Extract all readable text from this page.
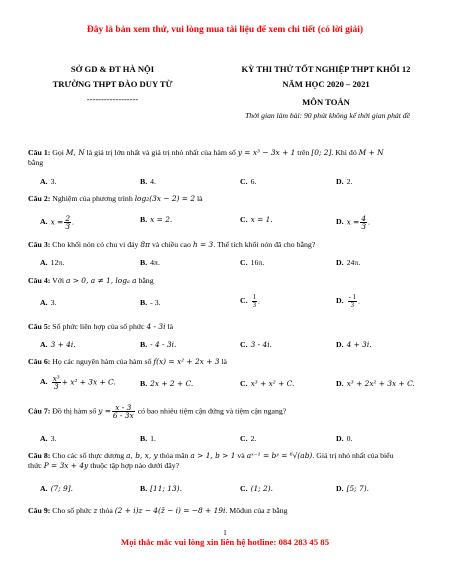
Đây là bản xem thử, vui lòng mua tài liệu để xem chi tiết (có lời giải)
SỞ GD & ĐT HÀ NỘI
TRƯỜNG THPT ĐÀO DUY TỪ
------------------
KỲ THI THỬ TỐT NGHIỆP THPT KHỐI 12
NĂM HỌC 2020 – 2021
MÔN TOÁN
Thời gian làm bài: 90 phút không kể thời gian phát đề
Câu 1: Gọi M, N là giá trị lớn nhất và giá trị nhỏ nhất của hàm số y = x³ − 3x + 1 trên [0; 2]. Khi đó M + N
bằng
A. 3.	B. 4.	C. 6.	D. 2.
Câu 2: Nghiệm của phương trình log₂(3x − 2) = 2 là
A. $x = \frac{2}{3}$ .	B. x = 2.	C. x = 1.	D. $x = \frac{4}{3}$ .
Câu 3: Cho khối nón có chu vi đáy 8π và chiều cao h = 3. Thể tích khối nón đã cho bằng?
A. 12π.	B. 4π.	C. 16π.	D. 24π.
Câu 4: Với a > 0, a ≠ 1, logₐ a bằng
A. 3.	B. - 3.	C. $\frac{1}{3}$ .	D. $\frac{- 1}{3}$ .
Câu 5: Số phức liên hợp của số phức 4 - 3i là
A. 3 + 4i.	B. - 4 - 3i.	C. 3 - 4i.	D. 4 + 3i.
Câu 6: Họ các nguyên hàm của hàm số f(x) = x² + 2x + 3 là
A. $\frac{\text{x³}}{3} + x^2 + 3x + C$.	B. 2x + 2 + C.	C. x³ + x² + C.	D. x³ + 2x² + 3x + C.
Câu 7: Đồ thị hàm số $y = \frac{x - 3}{6 - 3x}$ có bao nhiêu tiệm cận đứng và tiệm cận ngang?
A. 3.	B. 1.	C. 2.	D. 0.
Câu 8: Cho các số thực dương a, b, x, y thỏa mãn a > 1, b > 1 và aˣ⁻¹ = bʸ = ⁶√(ab). Giá trị nhỏ nhất của biểu
thức P = 3x + 4y thuộc tập hợp nào dưới đây?
A. (7; 9].	B. [11; 13).	C. (1; 2).	D. [5; 7).
Câu 9: Cho số phức z thỏa (2 + i)z − 4(z̄ − i) = −8 + 19i. Môđun của z bằng
1
Mọi thắc mắc vui lòng xin liên hệ hotline: 084 283 45 85
